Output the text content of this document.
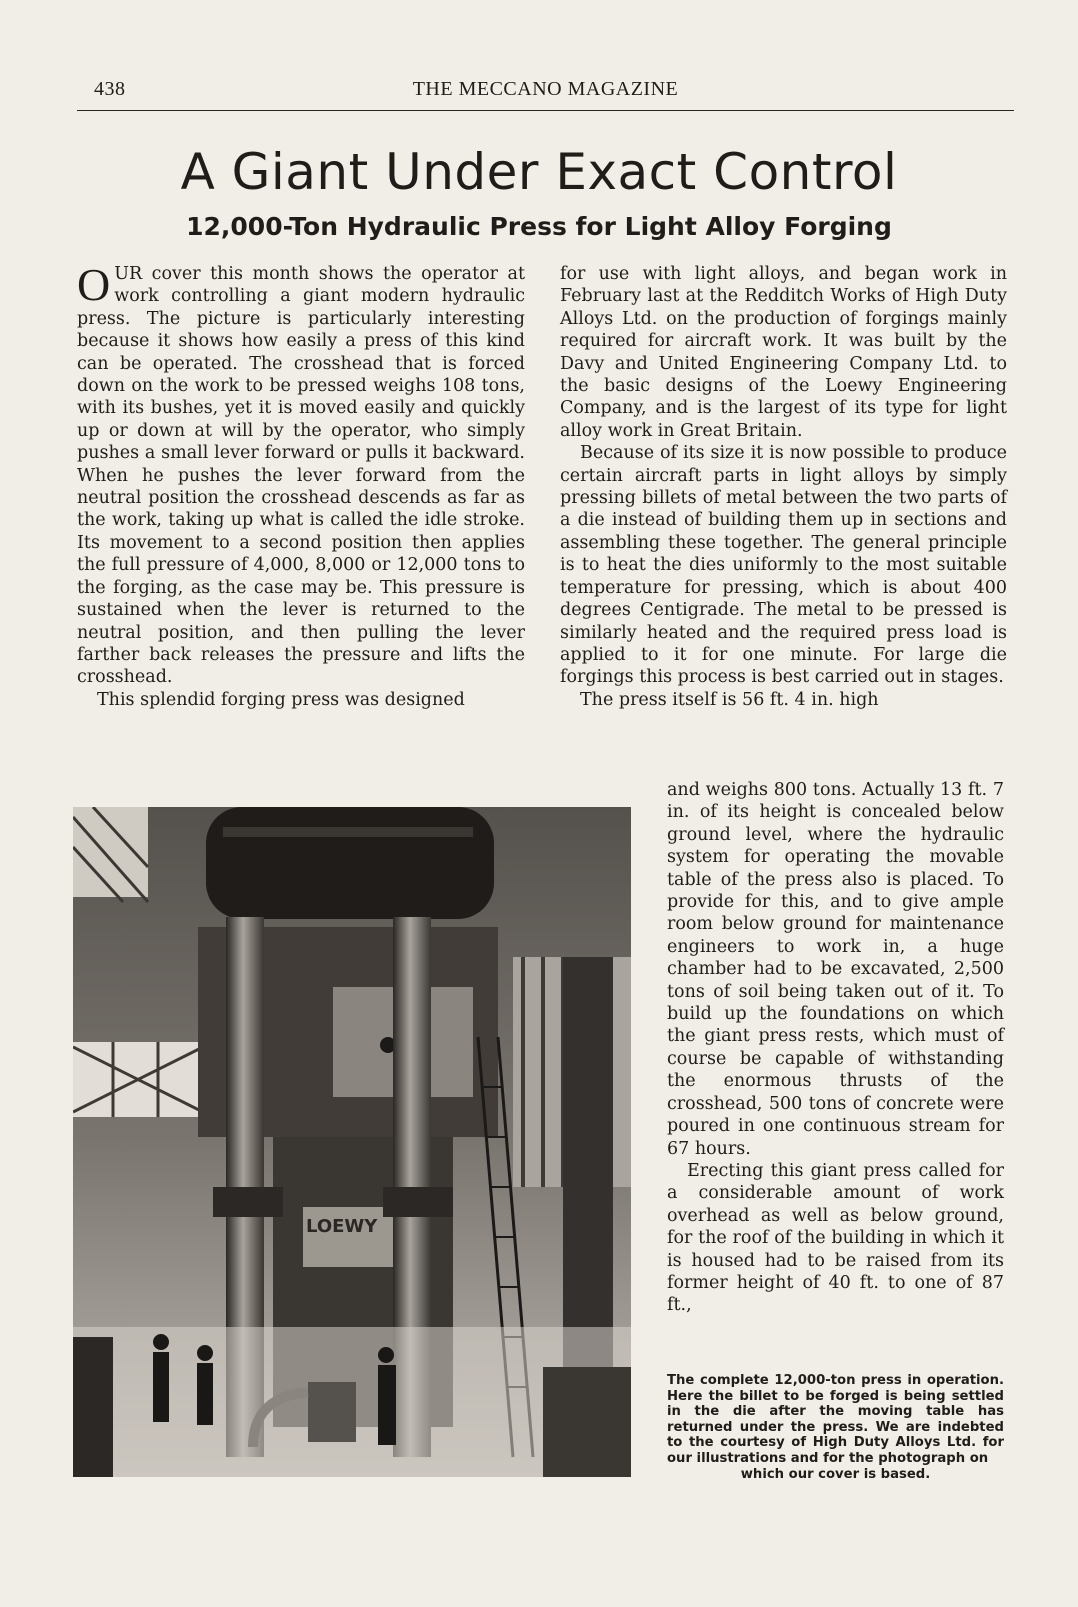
438	THE MECCANO MAGAZINE
A Giant Under Exact Control
12,000-Ton Hydraulic Press for Light Alloy Forging

OUR cover this month shows the operator at work controlling a giant modern hydraulic press. The picture is particularly interesting because it shows how easily a press of this kind can be operated. The crosshead that is forced down on the work to be pressed weighs 108 tons, with its bushes, yet it is moved easily and quickly up or down at will by the operator, who simply pushes a small lever forward or pulls it backward. When he pushes the lever forward from the neutral position the crosshead descends as far as the work, taking up what is called the idle stroke. Its movement to a second position then applies the full pressure of 4,000, 8,000 or 12,000 tons to the forging, as the case may be. This pressure is sustained when the lever is returned to the neutral position, and then pulling the lever farther back releases the pressure and lifts the crosshead.

This splendid forging press was designed

for use with light alloys, and began work in February last at the Redditch Works of High Duty Alloys Ltd. on the production of forgings mainly required for aircraft work. It was built by the Davy and United Engineering Company Ltd. to the basic designs of the Loewy Engineering Company, and is the largest of its type for light alloy work in Great Britain.

Because of its size it is now possible to produce certain aircraft parts in light alloys by simply pressing billets of metal between the two parts of a die instead of building them up in sections and assembling these together. The general principle is to heat the dies uniformly to the most suitable temperature for pressing, which is about 400 degrees Centigrade. The metal to be pressed is similarly heated and the required press load is applied to it for one minute. For large die forgings this process is best carried out in stages.

The press itself is 56 ft. 4 in. high

LOEWY

and weighs 800 tons. Actually 13 ft. 7 in. of its height is concealed below ground level, where the hydraulic system for operating the movable table of the press also is placed. To provide for this, and to give ample room below ground for maintenance engineers to work in, a huge chamber had to be excavated, 2,500 tons of soil being taken out of it. To build up the foundations on which the giant press rests, which must of course be capable of withstanding the enormous thrusts of the crosshead, 500 tons of concrete were poured in one continuous stream for 67 hours.

Erecting this giant press called for a considerable amount of work overhead as well as below ground, for the roof of the building in which it is housed had to be raised from its former height of 40 ft. to one of 87 ft.,

The complete 12,000-ton press in operation. Here the billet to be forged is being settled in the die after the moving table has returned under the press. We are indebted to the courtesy of High Duty Alloys Ltd. for our illustrations and for the photograph on
which our cover is based.
